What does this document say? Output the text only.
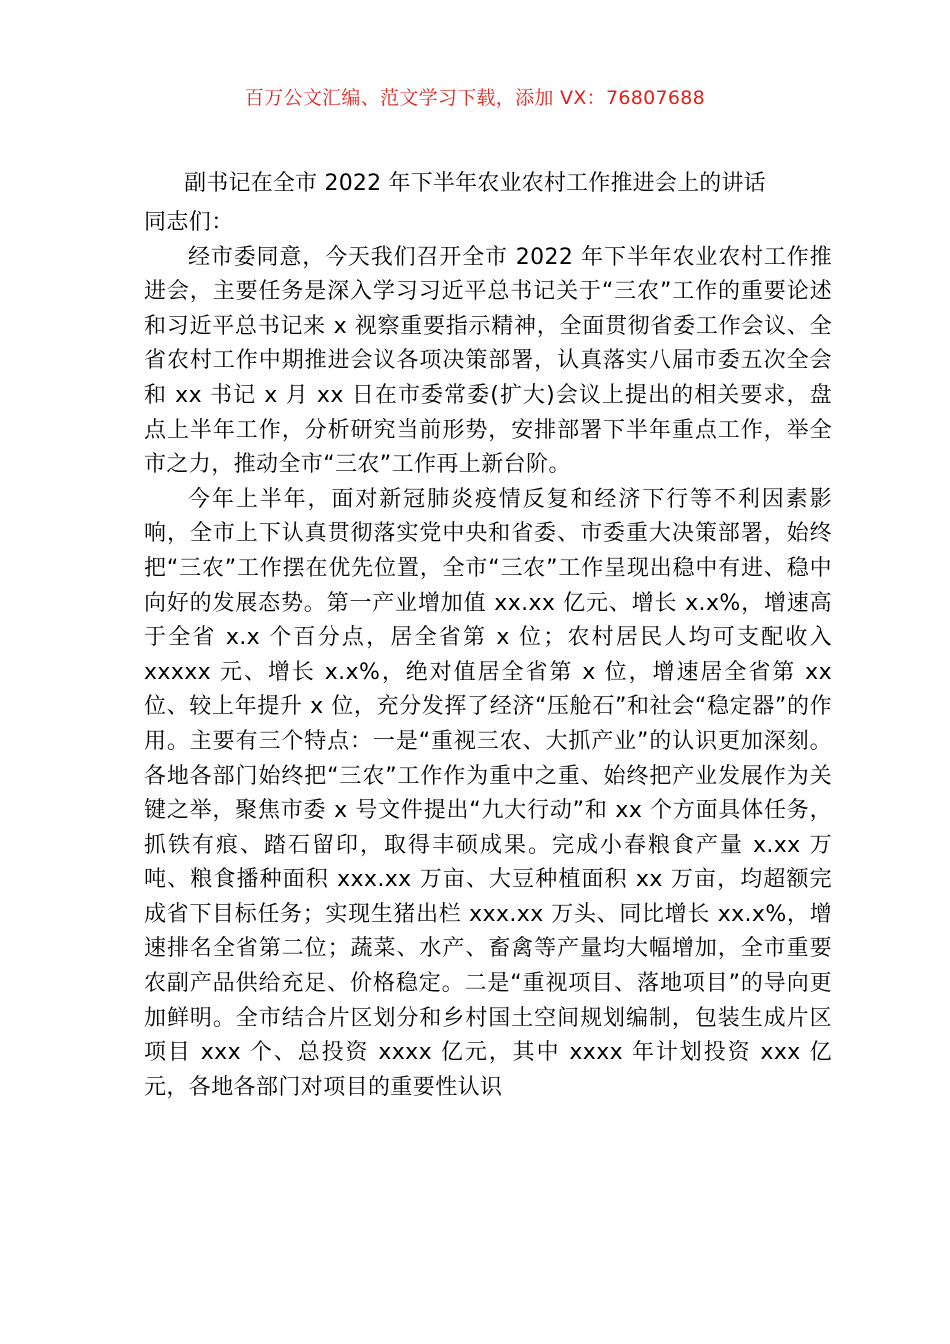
百万公文汇编、范文学习下载，添加 VX：76807688
副书记在全市 2022 年下半年农业农村工作推进会上的讲话

同志们：

经市委同意，今天我们召开全市 2022 年下半年农业农村工作推进会，主要任务是深入学习习近平总书记关于“三农”工作的重要论述和习近平总书记来 x 视察重要指示精神，全面贯彻省委工作会议、全省农村工作中期推进会议各项决策部署，认真落实八届市委五次全会和 xx 书记 x 月 xx 日在市委常委(扩大)会议上提出的相关要求，盘点上半年工作，分析研究当前形势，安排部署下半年重点工作，举全市之力，推动全市“三农”工作再上新台阶。

今年上半年，面对新冠肺炎疫情反复和经济下行等不利因素影响，全市上下认真贯彻落实党中央和省委、市委重大决策部署，始终把“三农”工作摆在优先位置，全市“三农”工作呈现出稳中有进、稳中向好的发展态势。第一产业增加值 xx.xx 亿元、增长 x.x%，增速高于全省 x.x 个百分点，居全省第 x 位；农村居民人均可支配收入 xxxxx 元、增长 x.x%，绝对值居全省第 x 位，增速居全省第 xx 位、较上年提升 x 位，充分发挥了经济“压舱石”和社会“稳定器”的作用。主要有三个特点：一是“重视三农、大抓产业”的认识更加深刻。各地各部门始终把“三农”工作作为重中之重、始终把产业发展作为关键之举，聚焦市委 x 号文件提出“九大行动”和 xx 个方面具体任务，抓铁有痕、踏石留印，取得丰硕成果。完成小春粮食产量 x.xx 万吨、粮食播种面积 xxx.xx 万亩、大豆种植面积 xx 万亩，均超额完成省下目标任务；实现生猪出栏 xxx.xx 万头、同比增长 xx.x%，增速排名全省第二位；蔬菜、水产、畜禽等产量均大幅增加，全市重要农副产品供给充足、价格稳定。二是“重视项目、落地项目”的导向更加鲜明。全市结合片区划分和乡村国土空间规划编制，包装生成片区项目 xxx 个、总投资 xxxx 亿元，其中 xxxx 年计划投资 xxx 亿元，各地各部门对项目的重要性认识
